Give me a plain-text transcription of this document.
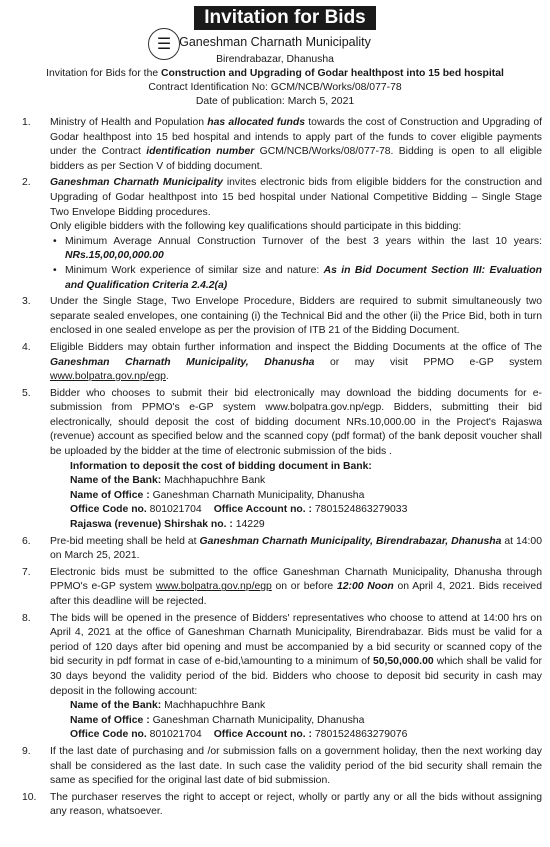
Invitation for Bids
☰ Ganeshman Charnath Municipality
Birendrabazar, Dhanusha
Invitation for Bids for the Construction and Upgrading of Godar healthpost into 15 bed hospital
Contract Identification No: GCM/NCB/Works/08/077-78
Date of publication: March 5, 2021
1. Ministry of Health and Population has allocated funds towards the cost of Construction and Upgrading of Godar healthpost into 15 bed hospital and intends to apply part of the funds to cover eligible payments under the Contract identification number GCM/NCB/Works/08/077-78. Bidding is open to all eligible bidders as per Section V of bidding document.
2. Ganeshman Charnath Municipality invites electronic bids from eligible bidders for the construction and Upgrading of Godar healthpost into 15 bed hospital under National Competitive Bidding – Single Stage Two Envelope Bidding procedures.
Only eligible bidders with the following key qualifications should participate in this bidding:
• Minimum Average Annual Construction Turnover of the best 3 years within the last 10 years: NRs.15,00,00,000.00
• Minimum Work experience of similar size and nature: As in Bid Document Section III: Evaluation and Qualification Criteria 2.4.2(a)
3. Under the Single Stage, Two Envelope Procedure, Bidders are required to submit simultaneously two separate sealed envelopes, one containing (i) the Technical Bid and the other (ii) the Price Bid, both in turn enclosed in one sealed envelope as per the provision of ITB 21 of the Bidding Document.
4. Eligible Bidders may obtain further information and inspect the Bidding Documents at the office of The Ganeshman Charnath Municipality, Dhanusha or may visit PPMO e-GP system www.bolpatra.gov.np/egp.
5. Bidder who chooses to submit their bid electronically may download the bidding documents for e-submission from PPMO's e-GP system www.bolpatra.gov.np/egp. Bidders, submitting their bid electronically, should deposit the cost of bidding document NRs.10,000.00 in the Project's Rajaswa (revenue) account as specified below and the scanned copy (pdf format) of the bank deposit voucher shall be uploaded by the bidder at the time of electronic submission of the bids .
Information to deposit the cost of bidding document in Bank:
Name of the Bank: Machhapuchhre Bank
Name of Office : Ganeshman Charnath Municipality, Dhanusha
Office Code no. 801021704 Office Account no. : 7801524863279033
Rajaswa (revenue) Shirshak no. : 14229
6. Pre-bid meeting shall be held at Ganeshman Charnath Municipality, Birendrabazar, Dhanusha at 14:00 on March 25, 2021.
7. Electronic bids must be submitted to the office Ganeshman Charnath Municipality, Dhanusha through PPMO's e-GP system www.bolpatra.gov.np/egp on or before 12:00 Noon on April 4, 2021. Bids received after this deadline will be rejected.
8. The bids will be opened in the presence of Bidders' representatives who choose to attend at 14:00 hrs on April 4, 2021 at the office of Ganeshman Charnath Municipality, Birendrabazar. Bids must be valid for a period of 120 days after bid opening and must be accompanied by a bid security or scanned copy of the bid security in pdf format in case of e-bid,\amounting to a minimum of 50,50,000.00 which shall be valid for 30 days beyond the validity period of the bid. Bidders who choose to deposit bid security in cash may deposit in the following account:
Name of the Bank: Machhapuchhre Bank
Name of Office : Ganeshman Charnath Municipality, Dhanusha
Office Code no. 801021704 Office Account no. : 7801524863279076
9. If the last date of purchasing and /or submission falls on a government holiday, then the next working day shall be considered as the last date. In such case the validity period of the bid security shall remain the same as specified for the original last date of bid submission.
10. The purchaser reserves the right to accept or reject, wholly or partly any or all the bids without assigning any reason, whatsoever.
